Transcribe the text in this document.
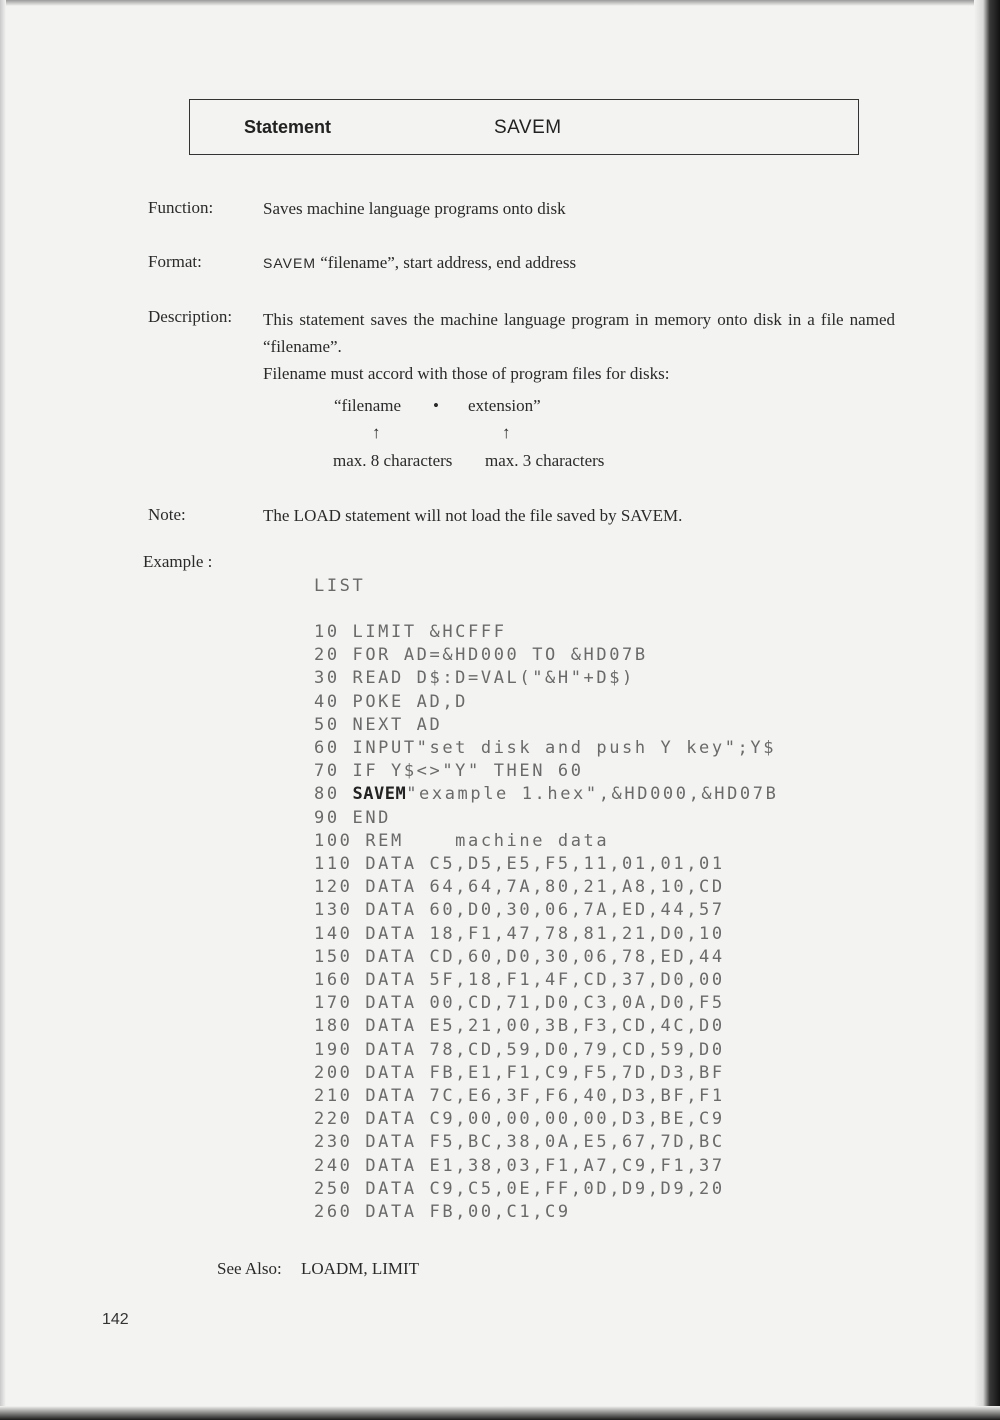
Statement	SAVEM
Function:	Saves machine language programs onto disk
Format:	SAVEM “filename”, start address, end address
Description: This statement saves the machine language program in memory onto disk in a file named “filename”.

Filename must accord with those of program files for disks:

“filename • extension”
↑	↑
max. 8 characters max. 3 characters
Note:	The LOAD statement will not load the file saved by SAVEM.
Example :
LIST
10 LIMIT &HCFFF
20 FOR AD=&HD000 TO &HD07B
30 READ D$:D=VAL("&H"+D$)
40 POKE AD,D
50 NEXT AD
60 INPUT"set disk and push Y key";Y$
70 IF Y$<>"Y" THEN 60
80 SAVEM"example 1.hex",&HD000,&HD07B
90 END
100 REM    machine data
110 DATA C5,D5,E5,F5,11,01,01,01
120 DATA 64,64,7A,80,21,A8,10,CD
130 DATA 60,D0,30,06,7A,ED,44,57
140 DATA 18,F1,47,78,81,21,D0,10
150 DATA CD,60,D0,30,06,78,ED,44
160 DATA 5F,18,F1,4F,CD,37,D0,00
170 DATA 00,CD,71,D0,C3,0A,D0,F5
180 DATA E5,21,00,3B,F3,CD,4C,D0
190 DATA 78,CD,59,D0,79,CD,59,D0
200 DATA FB,E1,F1,C9,F5,7D,D3,BF
210 DATA 7C,E6,3F,F6,40,D3,BF,F1
220 DATA C9,00,00,00,00,D3,BE,C9
230 DATA F5,BC,38,0A,E5,67,7D,BC
240 DATA E1,38,03,F1,A7,C9,F1,37
250 DATA C9,C5,0E,FF,0D,D9,D9,20
260 DATA FB,00,C1,C9
See Also: LOADM, LIMIT
142
